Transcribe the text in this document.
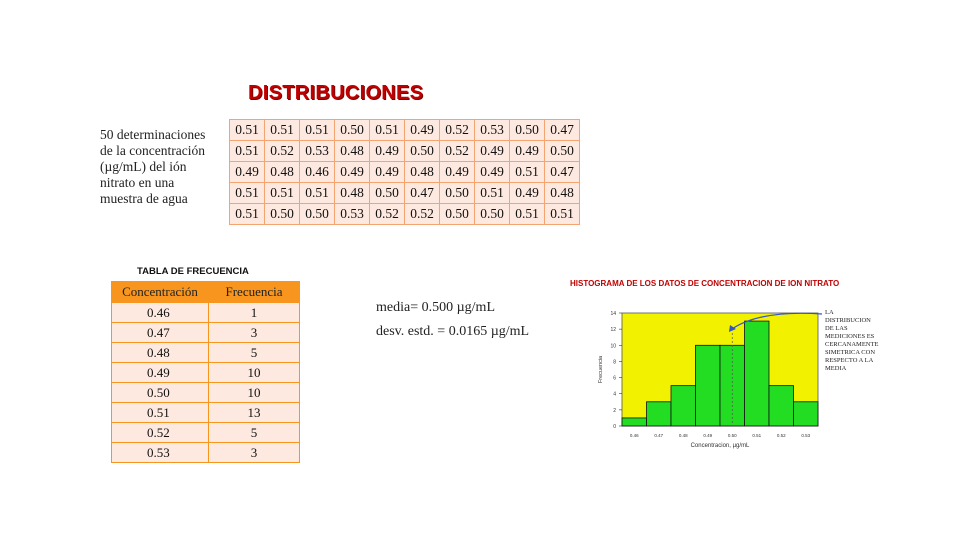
DISTRIBUCIONES
50 determinaciones de la concentración (µg/mL) del ión nitrato en una muestra de agua
0.51	0.51	0.51	0.50	0.51	0.49	0.52	0.53	0.50	0.47
0.51	0.52	0.53	0.48	0.49	0.50	0.52	0.49	0.49	0.50
0.49	0.48	0.46	0.49	0.49	0.48	0.49	0.49	0.51	0.47
0.51	0.51	0.51	0.48	0.50	0.47	0.50	0.51	0.49	0.48
0.51	0.50	0.50	0.53	0.52	0.52	0.50	0.50	0.51	0.51
TABLA DE FRECUENCIA
Concentración	Frecuencia
0.46	1
0.47	3
0.48	5
0.49	10
0.50	10
0.51	13
0.52	5
0.53	3
media= 0.500 µg/mL
desv. estd. = 0.0165 µg/mL
HISTOGRAMA DE LOS DATOS DE CONCENTRACION DE ION NITRATO
0
2
4
6
8
10
12
14
0.46	0.47	0.48	0.49	0.50	0.51	0.52	0.53
Frecuencia
Concentracion, µg/mL
LA DISTRIBUCION DE LAS MEDICIONES ES CERCANAMENTE SIMETRICA CON RESPECTO A LA MEDIA
